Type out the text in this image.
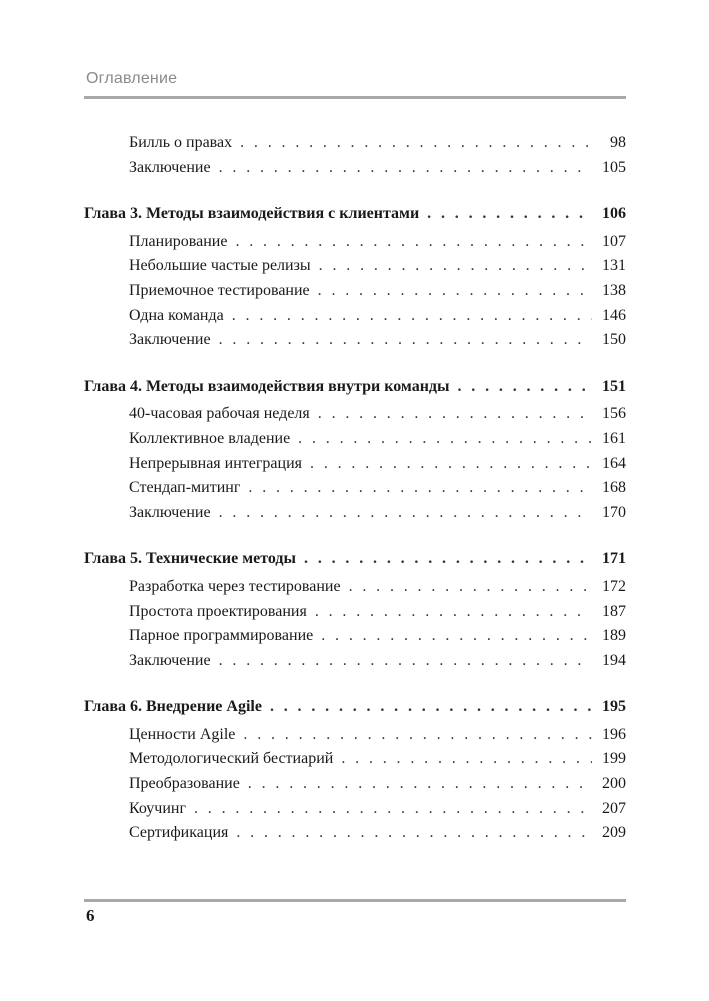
Оглавление
Билль о правах . . .	98
Заключение . . .	105
Глава 3. Методы взаимодействия с клиентами . . .	106
Планирование . . .	107
Небольшие частые релизы . . .	131
Приемочное тестирование . . .	138
Одна команда . . .	146
Заключение . . .	150
Глава 4. Методы взаимодействия внутри команды . . .	151
40-часовая рабочая неделя . . .	156
Коллективное владение . . .	161
Непрерывная интеграция . . .	164
Стендап-митинг . . .	168
Заключение . . .	170
Глава 5. Технические методы . . .	171
Разработка через тестирование . . .	172
Простота проектирования . . .	187
Парное программирование . . .	189
Заключение . . .	194
Глава 6. Внедрение Agile . . .	195
Ценности Agile . . .	196
Методологический бестиарий . . .	199
Преобразование . . .	200
Коучинг . . .	207
Сертификация . . .	209
6
